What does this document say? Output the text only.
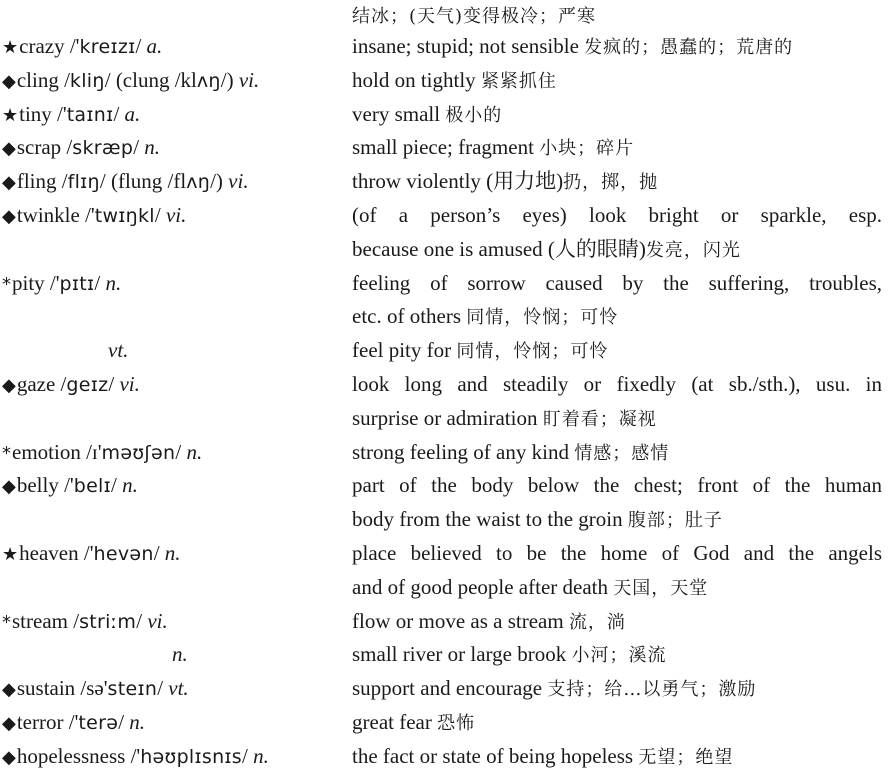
结冰；(天气)变得极冷；严寒
★crazy /'kreɪzɪ/ a.	insane; stupid; not sensible 发疯的；愚蠢的；荒唐的
◆cling /kliŋ/ (clung /klʌŋ/) vi.	hold on tightly 紧紧抓住
★tiny /'taɪnɪ/ a.	very small 极小的
◆scrap /skræp/ n.	small piece; fragment 小块；碎片
◆fling /flɪŋ/ (flung /flʌŋ/) vi.	throw violently (用力地)扔，掷，抛
◆twinkle /'twɪŋkl/ vi.	(of a person’s eyes) look bright or sparkle, esp.
because one is amused (人的眼睛)发亮，闪光
*pity /'pɪtɪ/ n.	feeling of sorrow caused by the suffering, troubles,
etc. of others 同情，怜悯；可怜
vt.	feel pity for 同情，怜悯；可怜
◆gaze /geɪz/ vi.	look long and steadily or fixedly (at sb./sth.), usu. in
surprise or admiration 盯着看；凝视
*emotion /ɪ'məʊʃən/ n.	strong feeling of any kind 情感；感情
◆belly /'belɪ/ n.	part of the body below the chest; front of the human
body from the waist to the groin 腹部；肚子
★heaven /'hevən/ n.	place believed to be the home of God and the angels
and of good people after death 天国，天堂
*stream /striːm/ vi.	flow or move as a stream 流，淌
n.	small river or large brook 小河；溪流
◆sustain /sə'steɪn/ vt.	support and encourage 支持；给…以勇气；激励
◆terror /'terə/ n.	great fear 恐怖
◆hopelessness /'həʊplɪsnɪs/ n.	the fact or state of being hopeless 无望；绝望
